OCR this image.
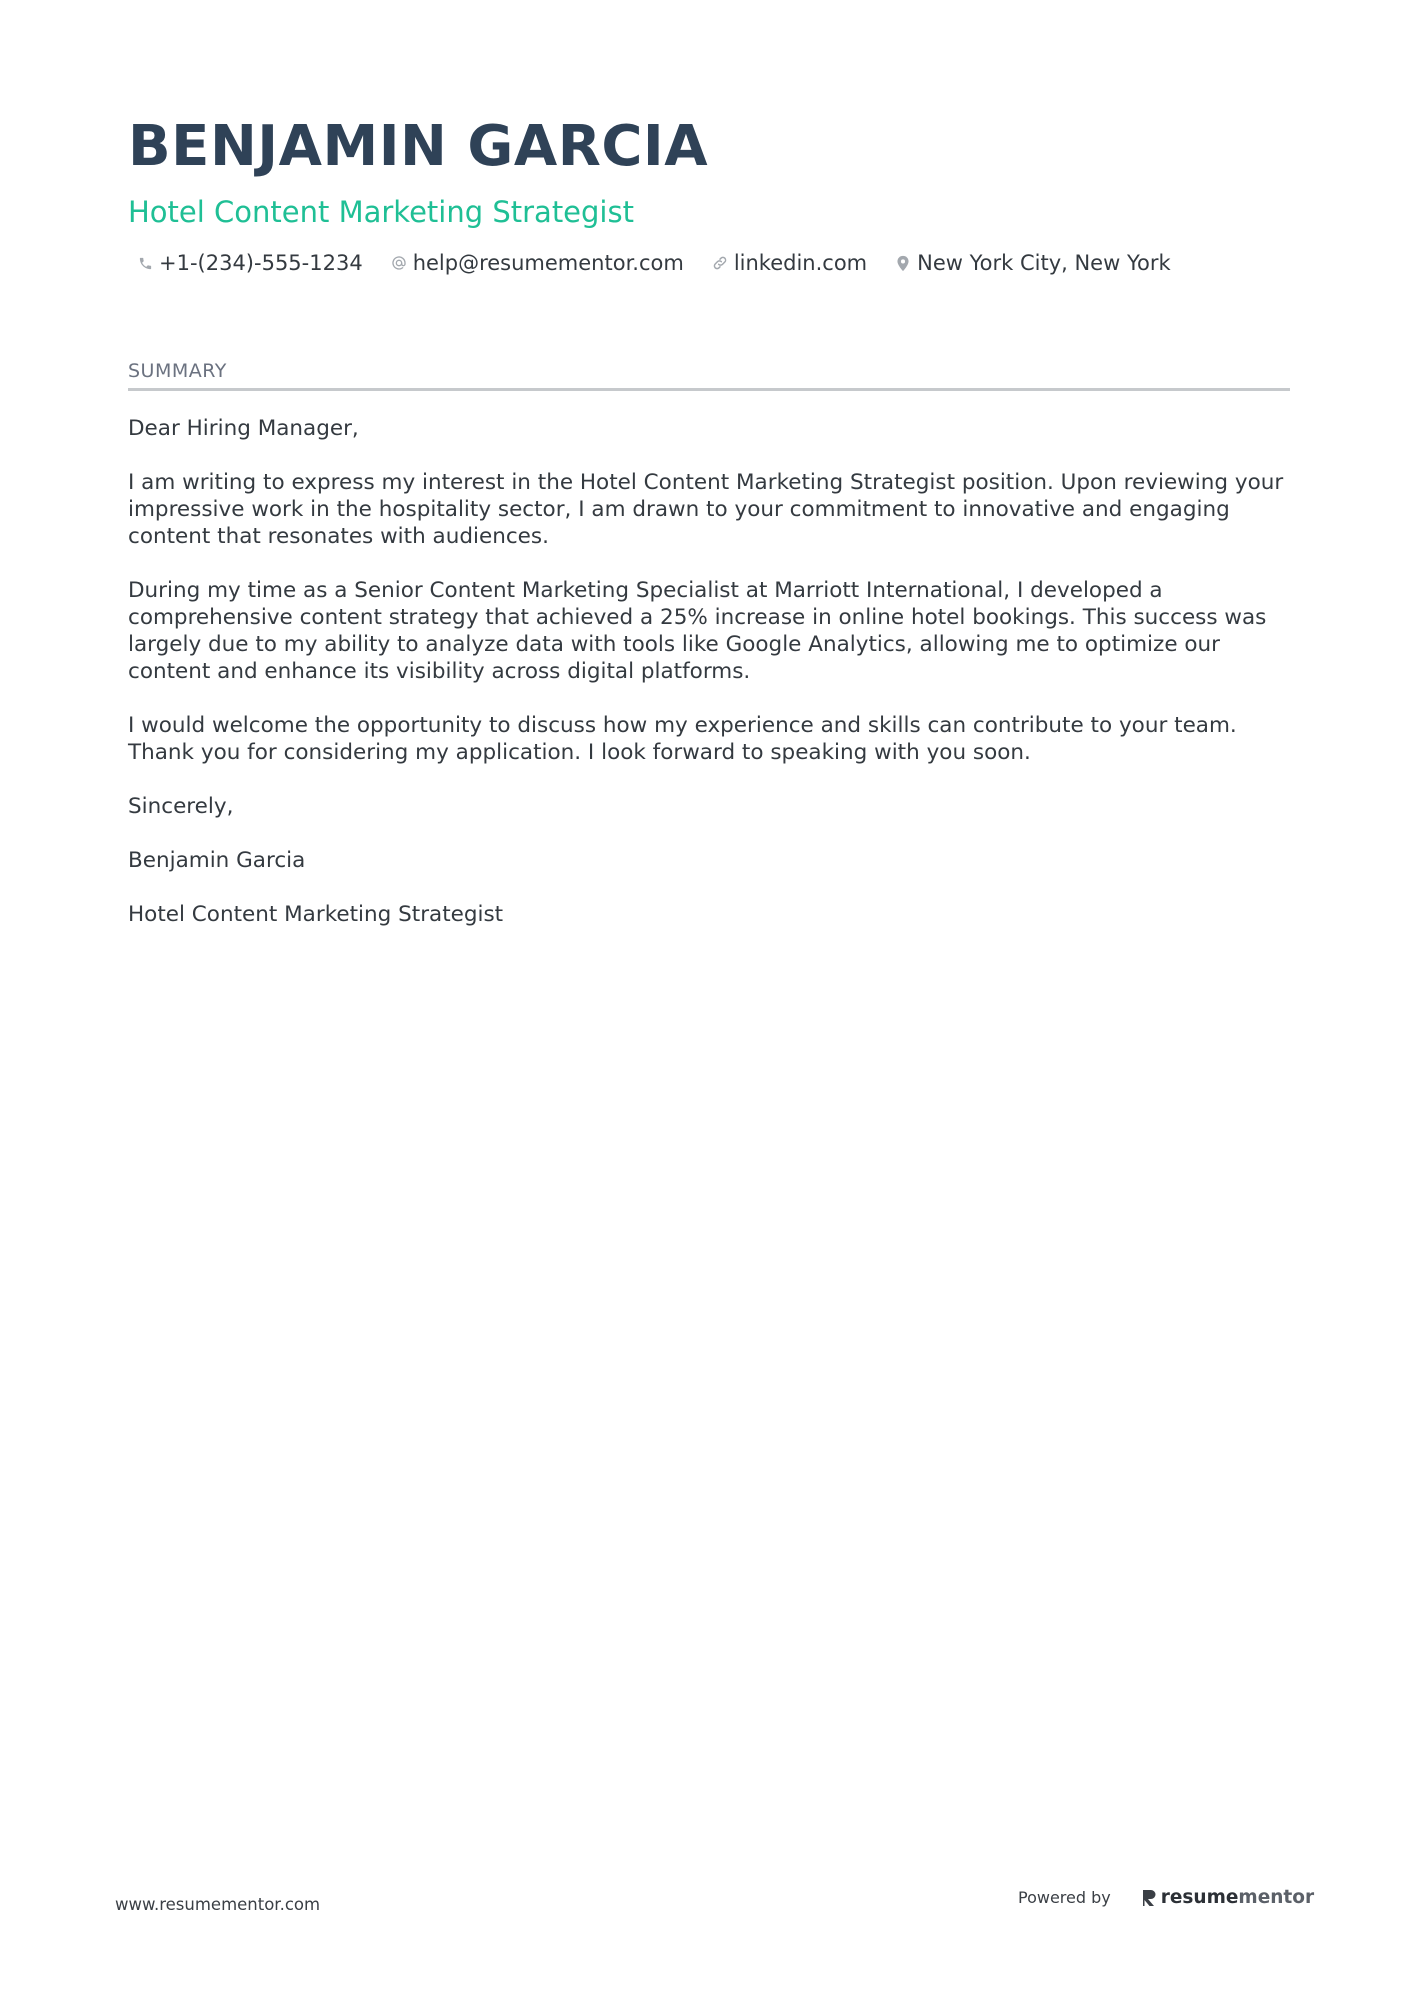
BENJAMIN GARCIA
Hotel Content Marketing Strategist
+1-(234)-555-1234 help@resumementor.com linkedin.com New York City, New York
SUMMARY

Dear Hiring Manager,

I am writing to express my interest in the Hotel Content Marketing Strategist position. Upon reviewing your impressive work in the hospitality sector, I am drawn to your commitment to innovative and engaging content that resonates with audiences.

During my time as a Senior Content Marketing Specialist at Marriott International, I developed a comprehensive content strategy that achieved a 25% increase in online hotel bookings. This success was largely due to my ability to analyze data with tools like Google Analytics, allowing me to optimize our content and enhance its visibility across digital platforms.

I would welcome the opportunity to discuss how my experience and skills can contribute to your team. Thank you for considering my application. I look forward to speaking with you soon.

Sincerely,

Benjamin Garcia

Hotel Content Marketing Strategist

www.resumementor.com	Powered by	resume mentor
